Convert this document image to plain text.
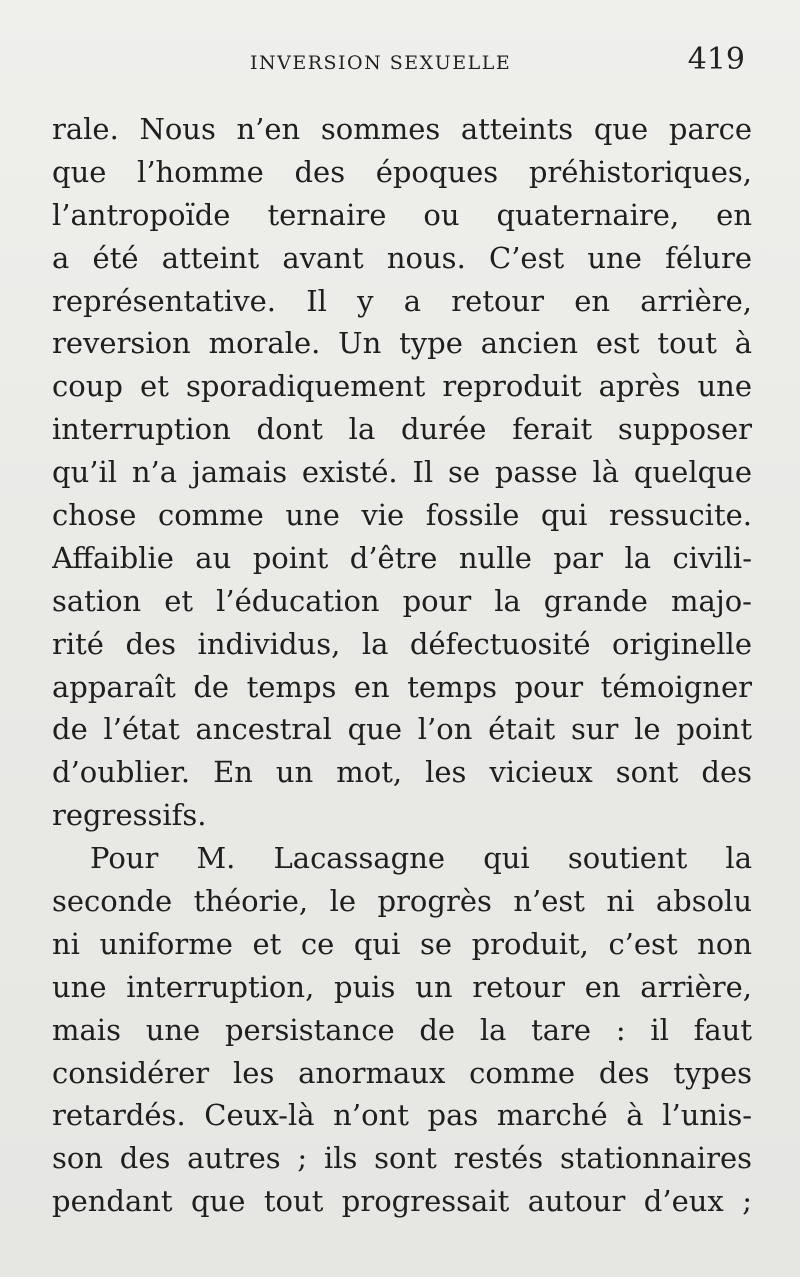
INVERSION SEXUELLE	419
rale. Nous n’en sommes atteints que parce
que l’homme des époques préhistoriques,
l’antropoïde ternaire ou quaternaire, en
a été atteint avant nous. C’est une félure
représentative. Il y a retour en arrière,
reversion morale. Un type ancien est tout à
coup et sporadiquement reproduit après une
interruption dont la durée ferait supposer
qu’il n’a jamais existé. Il se passe là quelque
chose comme une vie fossile qui ressucite.
Affaiblie au point d’être nulle par la civili-
sation et l’éducation pour la grande majo-
rité des individus, la défectuosité originelle
apparaît de temps en temps pour témoigner
de l’état ancestral que l’on était sur le point
d’oublier. En un mot, les vicieux sont des
regressifs.
Pour M. Lacassagne qui soutient la
seconde théorie, le progrès n’est ni absolu
ni uniforme et ce qui se produit, c’est non
une interruption, puis un retour en arrière,
mais une persistance de la tare : il faut
considérer les anormaux comme des types
retardés. Ceux-là n’ont pas marché à l’unis-
son des autres ; ils sont restés stationnaires
pendant que tout progressait autour d’eux ;
